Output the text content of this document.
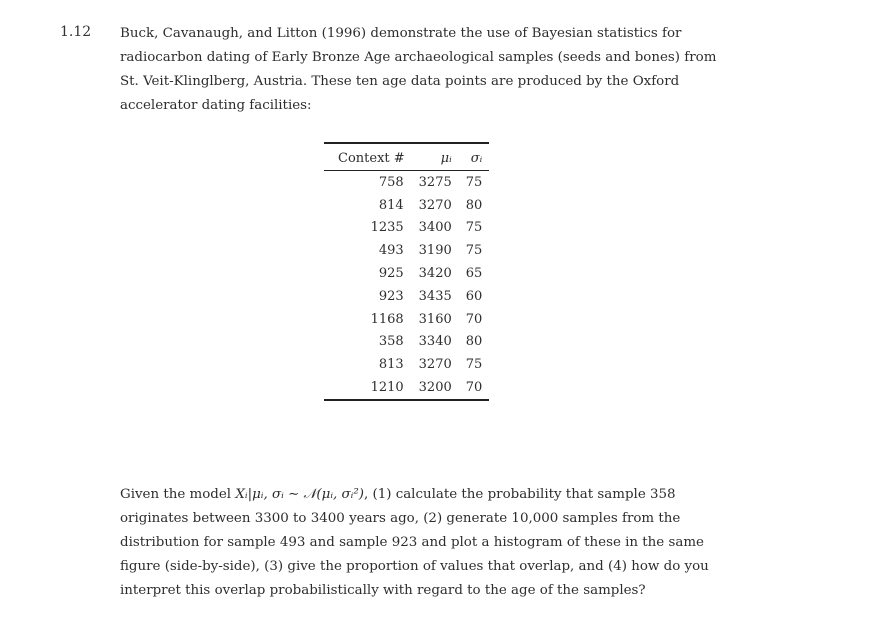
1.12 Buck, Cavanaugh, and Litton (1996) demonstrate the use of Bayesian statistics for radiocarbon dating of Early Bronze Age archaeological samples (seeds and bones) from St. Veit-Klinglberg, Austria. These ten age data points are produced by the Oxford accelerator dating facilities:

Context #	μᵢ	σᵢ
758	3275	75
814	3270	80
1235	3400	75
493	3190	75
925	3420	65
923	3435	60
1168	3160	70
358	3340	80
813	3270	75
1210	3200	70

Given the model Xᵢ|μᵢ, σᵢ ∼ 𝒩(μᵢ, σᵢ²), (1) calculate the probability that sample 358 originates between 3300 to 3400 years ago, (2) generate 10,000 samples from the distribution for sample 493 and sample 923 and plot a histogram of these in the same figure (side-by-side), (3) give the proportion of values that overlap, and (4) how do you interpret this overlap probabilistically with regard to the age of the samples?
